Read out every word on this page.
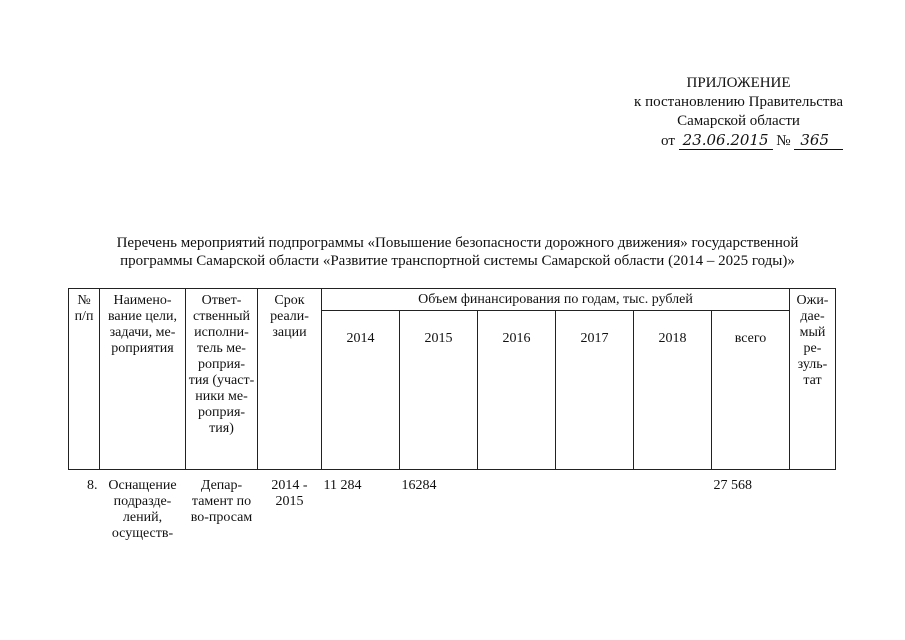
ПРИЛОЖЕНИЕ
к постановлению Правительства
Самарской области
от 23.06.2015 № 365
Перечень мероприятий подпрограммы «Повышение безопасности дорожного движения» государственной
программы Самарской области «Развитие транспортной системы Самарской области (2014 – 2025 годы)»
№ п/п	Наимено-вание цели, задачи, ме-роприятия	Ответ-ственный исполни-тель ме-роприя-тия (участ-ники ме-роприя-тия)	Срок реали-зации	Объем финансирования по годам, тыс. рублей						Ожи-дае-мый ре-зуль-тат
				2014	2015	2016	2017	2018	всего	
8.	Оснащение подразде-лений, осуществ-	Депар-тамент по во-просам	2014 - 2015	11 284	16284				27 568	
